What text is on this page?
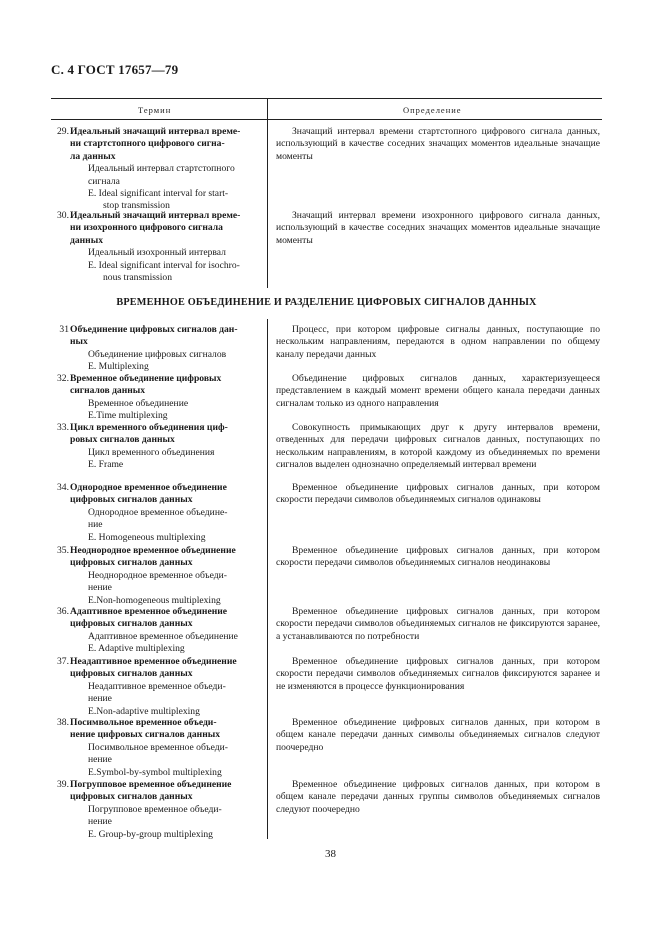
С. 4 ГОСТ 17657—79
Термин	Определение
ВРЕМЕННОЕ ОБЪЕДИНЕНИЕ И РАЗДЕЛЕНИЕ ЦИФРОВЫХ СИГНАЛОВ ДАННЫХ
29. Идеальный значащий интервал време-
ни стартстопного цифрового сигна-
ла данных
Идеальный интервал стартстопного
сигнала
E. Ideal significant interval for start-
stop transmission
Значащий интервал времени стартстопного цифрового сигнала данных, использующий в качестве соседних значащих моментов идеальные значащие моменты
30. Идеальный значащий интервал време-
ни изохронного цифрового сигнала
данных
Идеальный изохронный интервал
E. Ideal significant interval for isochro-
nous transmission
Значащий интервал времени изохронного цифрового сигнала данных, использующий в качестве соседних значащих моментов идеальные значащие моменты
31 Объединение цифровых сигналов дан-
ных
Объединение цифровых сигналов
E. Multiplexing
Процесс, при котором цифровые сигналы данных, поступающие по нескольким направлениям, передаются в одном направлении по общему каналу передачи данных
32. Временное объединение цифровых
сигналов данных
Временное объединение
E.Time multiplexing
Объединение цифровых сигналов данных, характеризуещееся представлением в каждый момент времени общего канала передачи данных сигналам только из одного направления
33. Цикл временного объединения циф-
ровых сигналов данных
Цикл временного объединения
E. Frame
Совокупность примыкающих друг к другу интервалов времени, отведенных для передачи цифровых сигналов данных, поступающих по нескольким направлениям, в которой каждому из объединяемых по времени сигналов выделен однозначно определяемый интервал времени
34. Однородное временное объединение
цифровых сигналов данных
Однородное временное объедине-
ние
E. Homogeneous multiplexing
Временное объединение цифровых сигналов данных, при котором скорости передачи символов объединяемых сигналов одинаковы
35. Неоднородное временное объединение
цифровых сигналов данных
Неоднородное временное объеди-
нение
E.Non-homogeneous multiplexing
Временное объединение цифровых сигналов данных, при котором скорости передачи символов объединяемых сигналов неодинаковы
36. Адаптивное временное объединение
цифровых сигналов данных
Адаптивное временное объединение
E. Adaptive multiplexing
Временное объединение цифровых сигналов данных, при котором скорости передачи символов объединяемых сигналов не фиксируются заранее, а устанавливаются по потребности
37. Неадаптивное временное объединение
цифровых сигналов данных
Неадаптивное временное объеди-
нение
E.Non-adaptive multiplexing
Временное объединение цифровых сигналов данных, при котором скорости передачи символов объединяемых сигналов фиксируются заранее и не изменяются в процессе функционирования
38. Посимвольное временное объеди-
нение цифровых сигналов данных
Посимвольное временное объеди-
нение
E.Symbol-by-symbol multiplexing
Временное объединение цифровых сигналов данных, при котором в общем канале передачи данных символы объединяемых сигналов следуют поочередно
39. Погрупповое временное объединение
цифровых сигналов данных
Погрупповое временное объеди-
нение
E. Group-by-group multiplexing
Временное объединение цифровых сигналов данных, при котором в общем канале передачи данных группы символов объединяемых сигналов следуют поочередно
38
